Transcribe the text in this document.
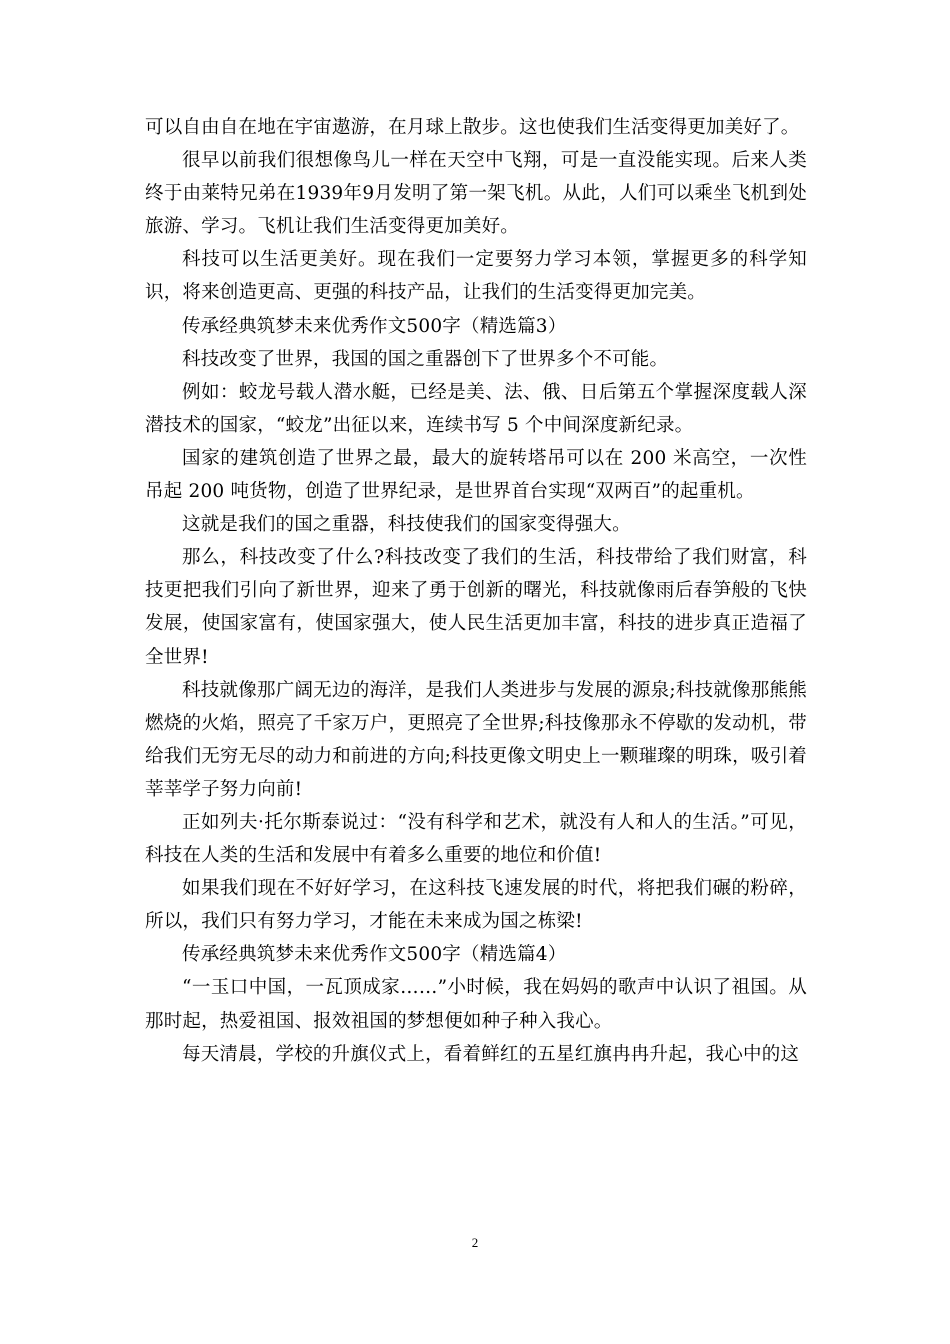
可以自由自在地在宇宙遨游，在月球上散步。这也使我们生活变得更加美好了。

很早以前我们很想像鸟儿一样在天空中飞翔，可是一直没能实现。后来人类终于由莱特兄弟在1939年9月发明了第一架飞机。从此，人们可以乘坐飞机到处旅游、学习。飞机让我们生活变得更加美好。

科技可以生活更美好。现在我们一定要努力学习本领，掌握更多的科学知识，将来创造更高、更强的科技产品，让我们的生活变得更加完美。

传承经典筑梦未来优秀作文500字（精选篇3）

科技改变了世界，我国的国之重器创下了世界多个不可能。

例如：蛟龙号载人潜水艇，已经是美、法、俄、日后第五个掌握深度载人深潜技术的国家，“蛟龙”出征以来，连续书写 5 个中间深度新纪录。

国家的建筑创造了世界之最，最大的旋转塔吊可以在 200 米高空，一次性吊起 200 吨货物，创造了世界纪录，是世界首台实现“双两百”的起重机。

这就是我们的国之重器，科技使我们的国家变得强大。

那么，科技改变了什么?科技改变了我们的生活，科技带给了我们财富，科技更把我们引向了新世界，迎来了勇于创新的曙光，科技就像雨后春笋般的飞快发展，使国家富有，使国家强大，使人民生活更加丰富，科技的进步真正造福了全世界!

科技就像那广阔无边的海洋，是我们人类进步与发展的源泉;科技就像那熊熊燃烧的火焰，照亮了千家万户，更照亮了全世界;科技像那永不停歇的发动机，带给我们无穷无尽的动力和前进的方向;科技更像文明史上一颗璀璨的明珠，吸引着莘莘学子努力向前!

正如列夫·托尔斯泰说过：“没有科学和艺术，就没有人和人的生活。”可见，科技在人类的生活和发展中有着多么重要的地位和价值!

如果我们现在不好好学习，在这科技飞速发展的时代，将把我们碾的粉碎，所以，我们只有努力学习，才能在未来成为国之栋梁!

传承经典筑梦未来优秀作文500字（精选篇4）

“一玉口中国，一瓦顶成家……”小时候，我在妈妈的歌声中认识了祖国。从那时起，热爱祖国、报效祖国的梦想便如种子种入我心。

每天清晨，学校的升旗仪式上，看着鲜红的五星红旗冉冉升起，我心中的这

2
